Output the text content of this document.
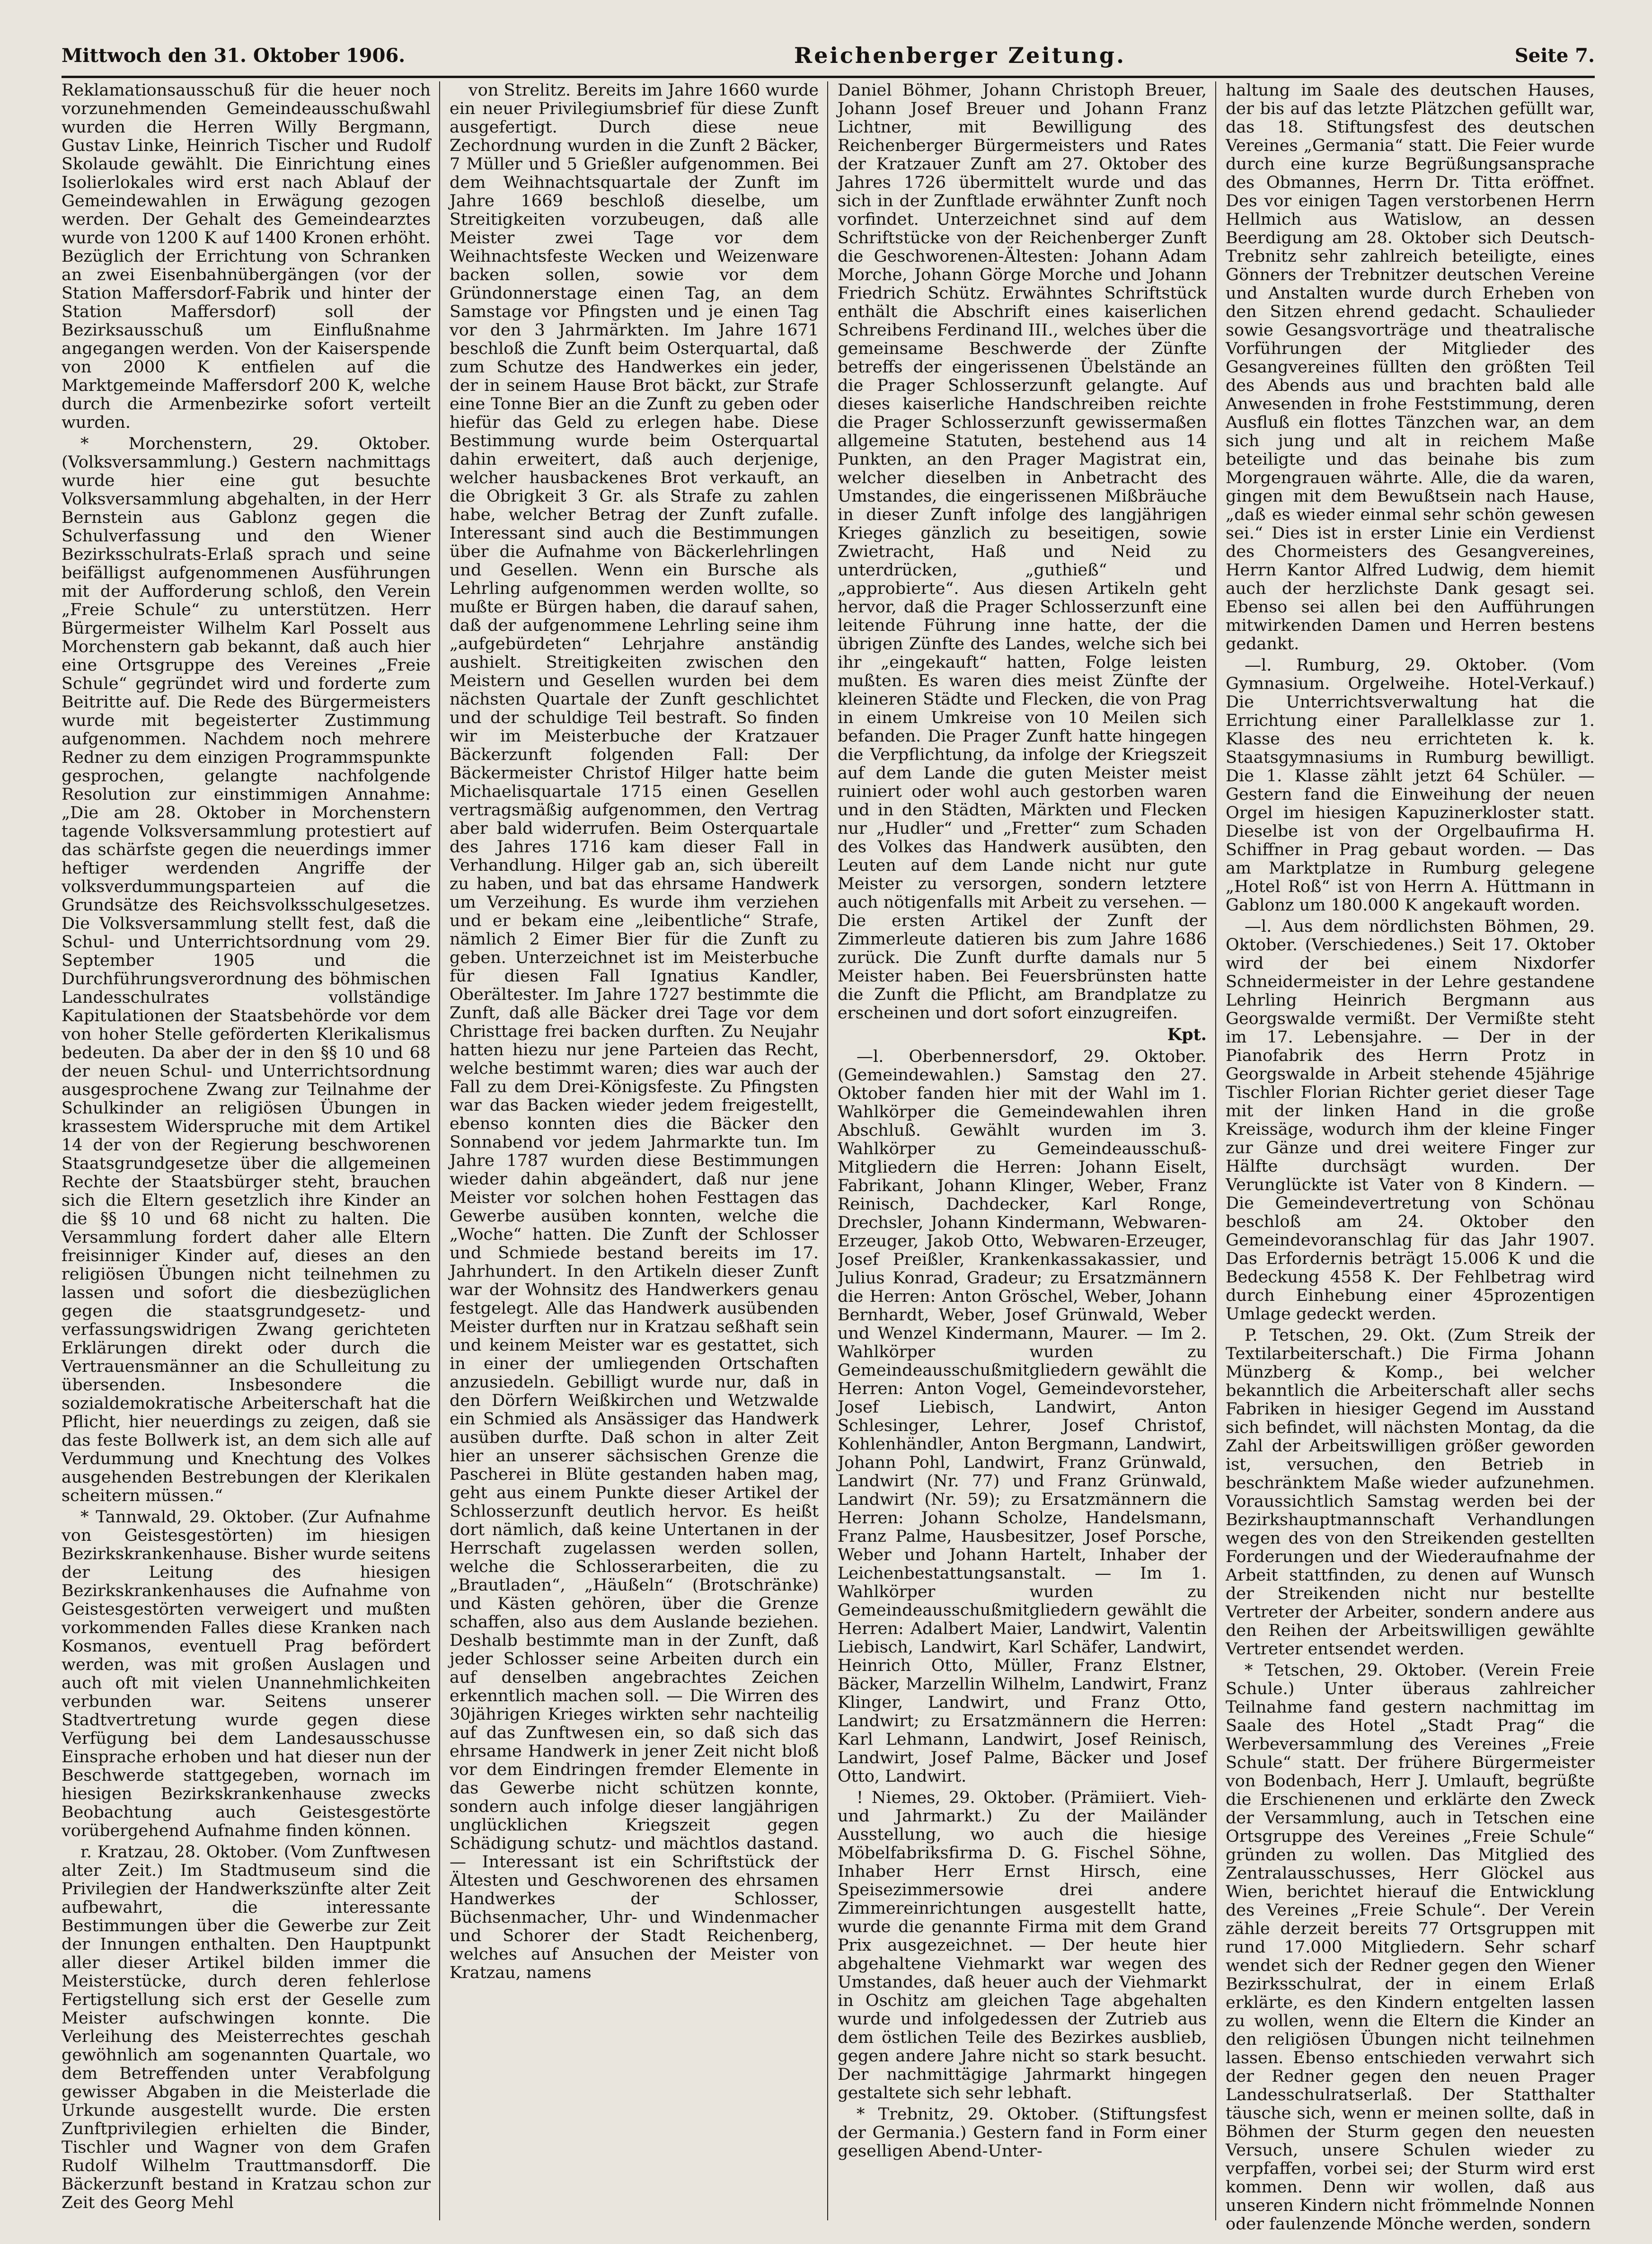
Mittwoch den 31. Oktober 1906.	Reichenberger Zeitung.	Seite 7.

Reklamationsausschuß für die heuer noch vorzunehmenden Gemeindeausschußwahl wurden die Herren Willy Bergmann, Gustav Linke, Heinrich Tischer und Rudolf Skolaude gewählt. Die Einrichtung eines Isolierlokales wird erst nach Ablauf der Gemeindewahlen in Erwägung gezogen werden. Der Gehalt des Gemeindearztes wurde von 1200 K auf 1400 Kronen erhöht. Bezüglich der Errichtung von Schranken an zwei Eisenbahnübergängen (vor der Station Maffersdorf-Fabrik und hinter der Station Maffersdorf) soll der Bezirksausschuß um Einflußnahme angegangen werden. Von der Kaiserspende von 2000 K entfielen auf die Marktgemeinde Maffersdorf 200 K, welche durch die Armenbezirke sofort verteilt wurden.

* Morchenstern, 29. Oktober. (Volksversammlung.) Gestern nachmittags wurde hier eine gut besuchte Volksversammlung abgehalten, in der Herr Bernstein aus Gablonz gegen die Schulverfassung und den Wiener Bezirksschulrats-Erlaß sprach und seine beifälligst aufgenommenen Ausführungen mit der Aufforderung schloß, den Verein „Freie Schule“ zu unterstützen. Herr Bürgermeister Wilhelm Karl Posselt aus Morchenstern gab bekannt, daß auch hier eine Ortsgruppe des Vereines „Freie Schule“ gegründet wird und forderte zum Beitritte auf. Die Rede des Bürgermeisters wurde mit begeisterter Zustimmung aufgenommen. Nachdem noch mehrere Redner zu dem einzigen Programmspunkte gesprochen, gelangte nachfolgende Resolution zur einstimmigen Annahme: „Die am 28. Oktober in Morchenstern tagende Volksversammlung protestiert auf das schärfste gegen die neuerdings immer heftiger werdenden Angriffe der volksverdummungsparteien auf die Grundsätze des Reichsvolksschulgesetzes. Die Volksversammlung stellt fest, daß die Schul- und Unterrichtsordnung vom 29. September 1905 und die Durchführungsverordnung des böhmischen Landesschulrates vollständige Kapitulationen der Staatsbehörde vor dem von hoher Stelle geförderten Klerikalismus bedeuten. Da aber der in den §§ 10 und 68 der neuen Schul- und Unterrichtsordnung ausgesprochene Zwang zur Teilnahme der Schulkinder an religiösen Übungen in krassestem Widerspruche mit dem Artikel 14 der von der Regierung beschworenen Staatsgrundgesetze über die allgemeinen Rechte der Staatsbürger steht, brauchen sich die Eltern gesetzlich ihre Kinder an die §§ 10 und 68 nicht zu halten. Die Versammlung fordert daher alle Eltern freisinniger Kinder auf, dieses an den religiösen Übungen nicht teilnehmen zu lassen und sofort die diesbezüglichen gegen die staatsgrundgesetz- und verfassungswidrigen Zwang gerichteten Erklärungen direkt oder durch die Vertrauensmänner an die Schulleitung zu übersenden. Insbesondere die sozialdemokratische Arbeiterschaft hat die Pflicht, hier neuerdings zu zeigen, daß sie das feste Bollwerk ist, an dem sich alle auf Verdummung und Knechtung des Volkes ausgehenden Bestrebungen der Klerikalen scheitern müssen.“

* Tannwald, 29. Oktober. (Zur Aufnahme von Geistesgestörten) im hiesigen Bezirkskrankenhause. Bisher wurde seitens der Leitung des hiesigen Bezirkskrankenhauses die Aufnahme von Geistesgestörten verweigert und mußten vorkommenden Falles diese Kranken nach Kosmanos, eventuell Prag befördert werden, was mit großen Auslagen und auch oft mit vielen Unannehmlichkeiten verbunden war. Seitens unserer Stadtvertretung wurde gegen diese Verfügung bei dem Landesausschusse Einsprache erhoben und hat dieser nun der Beschwerde stattgegeben, wornach im hiesigen Bezirkskrankenhause zwecks Beobachtung auch Geistesgestörte vorübergehend Aufnahme finden können.

r. Kratzau, 28. Oktober. (Vom Zunftwesen alter Zeit.) Im Stadtmuseum sind die Privilegien der Handwerkszünfte alter Zeit aufbewahrt, die interessante Bestimmungen über die Gewerbe zur Zeit der Innungen enthalten. Den Hauptpunkt aller dieser Artikel bilden immer die Meisterstücke, durch deren fehlerlose Fertigstellung sich erst der Geselle zum Meister aufschwingen konnte. Die Verleihung des Meisterrechtes geschah gewöhnlich am sogenannten Quartale, wo dem Betreffenden unter Verabfolgung gewisser Abgaben in die Meisterlade die Urkunde ausgestellt wurde. Die ersten Zunftprivilegien erhielten die Binder, Tischler und Wagner von dem Grafen Rudolf Wilhelm Trauttmansdorff. Die Bäckerzunft bestand in Kratzau schon zur Zeit des Georg Mehl

von Strelitz. Bereits im Jahre 1660 wurde ein neuer Privilegiumsbrief für diese Zunft ausgefertigt. Durch diese neue Zechordnung wurden in die Zunft 2 Bäcker, 7 Müller und 5 Grießler aufgenommen. Bei dem Weihnachtsquartale der Zunft im Jahre 1669 beschloß dieselbe, um Streitigkeiten vorzubeugen, daß alle Meister zwei Tage vor dem Weihnachtsfeste Wecken und Weizenware backen sollen, sowie vor dem Gründonnerstage einen Tag, an dem Samstage vor Pfingsten und je einen Tag vor den 3 Jahrmärkten. Im Jahre 1671 beschloß die Zunft beim Osterquartal, daß zum Schutze des Handwerkes ein jeder, der in seinem Hause Brot bäckt, zur Strafe eine Tonne Bier an die Zunft zu geben oder hiefür das Geld zu erlegen habe. Diese Bestimmung wurde beim Osterquartal dahin erweitert, daß auch derjenige, welcher hausbackenes Brot verkauft, an die Obrigkeit 3 Gr. als Strafe zu zahlen habe, welcher Betrag der Zunft zufalle. Interessant sind auch die Bestimmungen über die Aufnahme von Bäckerlehrlingen und Gesellen. Wenn ein Bursche als Lehrling aufgenommen werden wollte, so mußte er Bürgen haben, die darauf sahen, daß der aufgenommene Lehrling seine ihm „aufgebürdeten“ Lehrjahre anständig aushielt. Streitigkeiten zwischen den Meistern und Gesellen wurden bei dem nächsten Quartale der Zunft geschlichtet und der schuldige Teil bestraft. So finden wir im Meisterbuche der Kratzauer Bäckerzunft folgenden Fall: Der Bäckermeister Christof Hilger hatte beim Michaelisquartale 1715 einen Gesellen vertragsmäßig aufgenommen, den Vertrag aber bald widerrufen. Beim Osterquartale des Jahres 1716 kam dieser Fall in Verhandlung. Hilger gab an, sich übereilt zu haben, und bat das ehrsame Handwerk um Verzeihung. Es wurde ihm verziehen und er bekam eine „leibentliche“ Strafe, nämlich 2 Eimer Bier für die Zunft zu geben. Unterzeichnet ist im Meisterbuche für diesen Fall Ignatius Kandler, Oberältester. Im Jahre 1727 bestimmte die Zunft, daß alle Bäcker drei Tage vor dem Christtage frei backen durften. Zu Neujahr hatten hiezu nur jene Parteien das Recht, welche bestimmt waren; dies war auch der Fall zu dem Drei-Königsfeste. Zu Pfingsten war das Backen wieder jedem freigestellt, ebenso konnten dies die Bäcker den Sonnabend vor jedem Jahrmarkte tun. Im Jahre 1787 wurden diese Bestimmungen wieder dahin abgeändert, daß nur jene Meister vor solchen hohen Festtagen das Gewerbe ausüben konnten, welche die „Woche“ hatten. Die Zunft der Schlosser und Schmiede bestand bereits im 17. Jahrhundert. In den Artikeln dieser Zunft war der Wohnsitz des Handwerkers genau festgelegt. Alle das Handwerk ausübenden Meister durften nur in Kratzau seßhaft sein und keinem Meister war es gestattet, sich in einer der umliegenden Ortschaften anzusiedeln. Gebilligt wurde nur, daß in den Dörfern Weißkirchen und Wetzwalde ein Schmied als Ansässiger das Handwerk ausüben durfte. Daß schon in alter Zeit hier an unserer sächsischen Grenze die Pascherei in Blüte gestanden haben mag, geht aus einem Punkte dieser Artikel der Schlosserzunft deutlich hervor. Es heißt dort nämlich, daß keine Untertanen in der Herrschaft zugelassen werden sollen, welche die Schlosserarbeiten, die zu „Brautladen“, „Häußeln“ (Brotschränke) und Kästen gehören, über die Grenze schaffen, also aus dem Auslande beziehen. Deshalb bestimmte man in der Zunft, daß jeder Schlosser seine Arbeiten durch ein auf denselben angebrachtes Zeichen erkenntlich machen soll. — Die Wirren des 30jährigen Krieges wirkten sehr nachteilig auf das Zunftwesen ein, so daß sich das ehrsame Handwerk in jener Zeit nicht bloß vor dem Eindringen fremder Elemente in das Gewerbe nicht schützen konnte, sondern auch infolge dieser langjährigen unglücklichen Kriegszeit gegen Schädigung schutz- und mächtlos dastand. — Interessant ist ein Schriftstück der Ältesten und Geschworenen des ehrsamen Handwerkes der Schlosser, Büchsenmacher, Uhr- und Windenmacher und Schorer der Stadt Reichenberg, welches auf Ansuchen der Meister von Kratzau, namens

Daniel Böhmer, Johann Christoph Breuer, Johann Josef Breuer und Johann Franz Lichtner, mit Bewilligung des Reichenberger Bürgermeisters und Rates der Kratzauer Zunft am 27. Oktober des Jahres 1726 übermittelt wurde und das sich in der Zunftlade erwähnter Zunft noch vorfindet. Unterzeichnet sind auf dem Schriftstücke von der Reichenberger Zunft die Geschworenen-Ältesten: Johann Adam Morche, Johann Görge Morche und Johann Friedrich Schütz. Erwähntes Schriftstück enthält die Abschrift eines kaiserlichen Schreibens Ferdinand III., welches über die gemeinsame Beschwerde der Zünfte betreffs der eingerissenen Übelstände an die Prager Schlosserzunft gelangte. Auf dieses kaiserliche Handschreiben reichte die Prager Schlosserzunft gewissermaßen allgemeine Statuten, bestehend aus 14 Punkten, an den Prager Magistrat ein, welcher dieselben in Anbetracht des Umstandes, die eingerissenen Mißbräuche in dieser Zunft infolge des langjährigen Krieges gänzlich zu beseitigen, sowie Zwietracht, Haß und Neid zu unterdrücken, „guthieß“ und „approbierte“. Aus diesen Artikeln geht hervor, daß die Prager Schlosserzunft eine leitende Führung inne hatte, der die übrigen Zünfte des Landes, welche sich bei ihr „eingekauft“ hatten, Folge leisten mußten. Es waren dies meist Zünfte der kleineren Städte und Flecken, die von Prag in einem Umkreise von 10 Meilen sich befanden. Die Prager Zunft hatte hingegen die Verpflichtung, da infolge der Kriegszeit auf dem Lande die guten Meister meist ruiniert oder wohl auch gestorben waren und in den Städten, Märkten und Flecken nur „Hudler“ und „Fretter“ zum Schaden des Volkes das Handwerk ausübten, den Leuten auf dem Lande nicht nur gute Meister zu versorgen, sondern letztere auch nötigenfalls mit Arbeit zu versehen. — Die ersten Artikel der Zunft der Zimmerleute datieren bis zum Jahre 1686 zurück. Die Zunft durfte damals nur 5 Meister haben. Bei Feuersbrünsten hatte die Zunft die Pflicht, am Brandplatze zu erscheinen und dort sofort einzugreifen.

Kpt.

—l. Oberbennersdorf, 29. Oktober. (Gemeindewahlen.) Samstag den 27. Oktober fanden hier mit der Wahl im 1. Wahlkörper die Gemeindewahlen ihren Abschluß. Gewählt wurden im 3. Wahlkörper zu Gemeindeausschuß-Mitgliedern die Herren: Johann Eiselt, Fabrikant, Johann Klinger, Weber, Franz Reinisch, Dachdecker, Karl Ronge, Drechsler, Johann Kindermann, Webwaren-Erzeuger, Jakob Otto, Webwaren-Erzeuger, Josef Preißler, Krankenkassakassier, und Julius Konrad, Gradeur; zu Ersatzmännern die Herren: Anton Gröschel, Weber, Johann Bernhardt, Weber, Josef Grünwald, Weber und Wenzel Kindermann, Maurer. — Im 2. Wahlkörper wurden zu Gemeindeausschußmitgliedern gewählt die Herren: Anton Vogel, Gemeindevorsteher, Josef Liebisch, Landwirt, Anton Schlesinger, Lehrer, Josef Christof, Kohlenhändler, Anton Bergmann, Landwirt, Johann Pohl, Landwirt, Franz Grünwald, Landwirt (Nr. 77) und Franz Grünwald, Landwirt (Nr. 59); zu Ersatzmännern die Herren: Johann Scholze, Handelsmann, Franz Palme, Hausbesitzer, Josef Porsche, Weber und Johann Hartelt, Inhaber der Leichenbestattungsanstalt. — Im 1. Wahlkörper wurden zu Gemeindeausschußmitgliedern gewählt die Herren: Adalbert Maier, Landwirt, Valentin Liebisch, Landwirt, Karl Schäfer, Landwirt, Heinrich Otto, Müller, Franz Elstner, Bäcker, Marzellin Wilhelm, Landwirt, Franz Klinger, Landwirt, und Franz Otto, Landwirt; zu Ersatzmännern die Herren: Karl Lehmann, Landwirt, Josef Reinisch, Landwirt, Josef Palme, Bäcker und Josef Otto, Landwirt.

! Niemes, 29. Oktober. (Prämiiert. Vieh- und Jahrmarkt.) Zu der Mailänder Ausstellung, wo auch die hiesige Möbelfabriksfirma D. G. Fischel Söhne, Inhaber Herr Ernst Hirsch, eine Speisezimmersowie drei andere Zimmereinrichtungen ausgestellt hatte, wurde die genannte Firma mit dem Grand Prix ausgezeichnet. — Der heute hier abgehaltene Viehmarkt war wegen des Umstandes, daß heuer auch der Viehmarkt in Oschitz am gleichen Tage abgehalten wurde und infolgedessen der Zutrieb aus dem östlichen Teile des Bezirkes ausblieb, gegen andere Jahre nicht so stark besucht. Der nachmittägige Jahrmarkt hingegen gestaltete sich sehr lebhaft.

* Trebnitz, 29. Oktober. (Stiftungsfest der Germania.) Gestern fand in Form einer geselligen Abend-Unter-

haltung im Saale des deutschen Hauses, der bis auf das letzte Plätzchen gefüllt war, das 18. Stiftungsfest des deutschen Vereines „Germania“ statt. Die Feier wurde durch eine kurze Begrüßungsansprache des Obmannes, Herrn Dr. Titta eröffnet. Des vor einigen Tagen verstorbenen Herrn Hellmich aus Watislow, an dessen Beerdigung am 28. Oktober sich Deutsch-Trebnitz sehr zahlreich beteiligte, eines Gönners der Trebnitzer deutschen Vereine und Anstalten wurde durch Erheben von den Sitzen ehrend gedacht. Schaulieder sowie Gesangsvorträge und theatralische Vorführungen der Mitglieder des Gesangvereines füllten den größten Teil des Abends aus und brachten bald alle Anwesenden in frohe Feststimmung, deren Ausfluß ein flottes Tänzchen war, an dem sich jung und alt in reichem Maße beteiligte und das beinahe bis zum Morgengrauen währte. Alle, die da waren, gingen mit dem Bewußtsein nach Hause, „daß es wieder einmal sehr schön gewesen sei.“ Dies ist in erster Linie ein Verdienst des Chormeisters des Gesangvereines, Herrn Kantor Alfred Ludwig, dem hiemit auch der herzlichste Dank gesagt sei. Ebenso sei allen bei den Aufführungen mitwirkenden Damen und Herren bestens gedankt.

—l. Rumburg, 29. Oktober. (Vom Gymnasium. Orgelweihe. Hotel-Verkauf.) Die Unterrichtsverwaltung hat die Errichtung einer Parallelklasse zur 1. Klasse des neu errichteten k. k. Staatsgymnasiums in Rumburg bewilligt. Die 1. Klasse zählt jetzt 64 Schüler. — Gestern fand die Einweihung der neuen Orgel im hiesigen Kapuzinerkloster statt. Dieselbe ist von der Orgelbaufirma H. Schiffner in Prag gebaut worden. — Das am Marktplatze in Rumburg gelegene „Hotel Roß“ ist von Herrn A. Hüttmann in Gablonz um 180.000 K angekauft worden.

—l. Aus dem nördlichsten Böhmen, 29. Oktober. (Verschiedenes.) Seit 17. Oktober wird der bei einem Nixdorfer Schneidermeister in der Lehre gestandene Lehrling Heinrich Bergmann aus Georgswalde vermißt. Der Vermißte steht im 17. Lebensjahre. — Der in der Pianofabrik des Herrn Protz in Georgswalde in Arbeit stehende 45jährige Tischler Florian Richter geriet dieser Tage mit der linken Hand in die große Kreissäge, wodurch ihm der kleine Finger zur Gänze und drei weitere Finger zur Hälfte durchsägt wurden. Der Verunglückte ist Vater von 8 Kindern. — Die Gemeindevertretung von Schönau beschloß am 24. Oktober den Gemeindevoranschlag für das Jahr 1907. Das Erfordernis beträgt 15.006 K und die Bedeckung 4558 K. Der Fehlbetrag wird durch Einhebung einer 45prozentigen Umlage gedeckt werden.

P. Tetschen, 29. Okt. (Zum Streik der Textilarbeiterschaft.) Die Firma Johann Münzberg & Komp., bei welcher bekanntlich die Arbeiterschaft aller sechs Fabriken in hiesiger Gegend im Ausstand sich befindet, will nächsten Montag, da die Zahl der Arbeitswilligen größer geworden ist, versuchen, den Betrieb in beschränktem Maße wieder aufzunehmen. Voraussichtlich Samstag werden bei der Bezirkshauptmannschaft Verhandlungen wegen des von den Streikenden gestellten Forderungen und der Wiederaufnahme der Arbeit stattfinden, zu denen auf Wunsch der Streikenden nicht nur bestellte Vertreter der Arbeiter, sondern andere aus den Reihen der Arbeitswilligen gewählte Vertreter entsendet werden.

* Tetschen, 29. Oktober. (Verein Freie Schule.) Unter überaus zahlreicher Teilnahme fand gestern nachmittag im Saale des Hotel „Stadt Prag“ die Werbeversammlung des Vereines „Freie Schule“ statt. Der frühere Bürgermeister von Bodenbach, Herr J. Umlauft, begrüßte die Erschienenen und erklärte den Zweck der Versammlung, auch in Tetschen eine Ortsgruppe des Vereines „Freie Schule“ gründen zu wollen. Das Mitglied des Zentralausschusses, Herr Glöckel aus Wien, berichtet hierauf die Entwicklung des Vereines „Freie Schule“. Der Verein zähle derzeit bereits 77 Ortsgruppen mit rund 17.000 Mitgliedern. Sehr scharf wendet sich der Redner gegen den Wiener Bezirksschulrat, der in einem Erlaß erklärte, es den Kindern entgelten lassen zu wollen, wenn die Eltern die Kinder an den religiösen Übungen nicht teilnehmen lassen. Ebenso entschieden verwahrt sich der Redner gegen den neuen Prager Landesschulratserlaß. Der Statthalter täusche sich, wenn er meinen sollte, daß in Böhmen der Sturm gegen den neuesten Versuch, unsere Schulen wieder zu verpfaffen, vorbei sei; der Sturm wird erst kommen. Denn wir wollen, daß aus unseren Kindern nicht frömmelnde Nonnen oder faulenzende Mönche werden, sondern
